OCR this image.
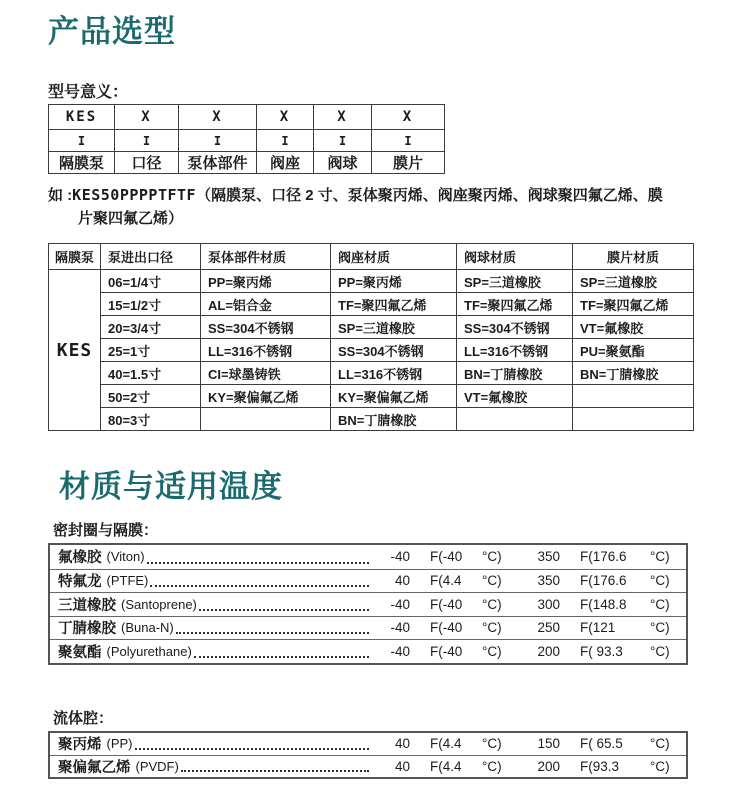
产品选型
型号意义：
KES	X	X	X	X	X
I	I	I	I	I	I
隔膜泵	口径	泵体部件	阀座	阀球	膜片
如 :KES50PPPPTFTF（隔膜泵、口径 2 寸、泵体聚丙烯、阀座聚丙烯、阀球聚四氟乙烯、膜
片聚四氟乙烯）
隔膜泵	泵进出口径	泵体部件材质	阀座材质	阀球材质	膜片材质
KES	06=1/4寸	PP=聚丙烯	PP=聚丙烯	SP=三道橡胶	SP=三道橡胶
	15=1/2寸	AL=铝合金	TF=聚四氟乙烯	TF=聚四氟乙烯	TF=聚四氟乙烯
	20=3/4寸	SS=304不锈钢	SP=三道橡胶	SS=304不锈钢	VT=氟橡胶
	25=1寸	LL=316不锈钢	SS=304不锈钢	LL=316不锈钢	PU=聚氨酯
	40=1.5寸	CI=球墨铸铁	LL=316不锈钢	BN=丁腈橡胶	BN=丁腈橡胶
	50=2寸	KY=聚偏氟乙烯	KY=聚偏氟乙烯	VT=氟橡胶	
	80=3寸		BN=丁腈橡胶		
材质与适用温度
密封圈与隔膜：
氟橡胶 (Viton)	-40 F(-40	°C)	350 F(176.6	°C)
特氟龙 (PTFE)	40 F(4.4	°C)	350 F(176.6	°C)
三道橡胶 (Santoprene)	-40 F(-40	°C)	300 F(148.8	°C)
丁腈橡胶 (Buna-N)	-40 F(-40	°C)	250 F(121	°C)
聚氨酯 (Polyurethane)	-40 F(-40	°C)	200 F( 93.3	°C)
流体腔：
聚丙烯 (PP)	40 F(4.4	°C)	150 F( 65.5	°C)
聚偏氟乙烯 (PVDF)	40 F(4.4	°C)	200 F(93.3	°C)
